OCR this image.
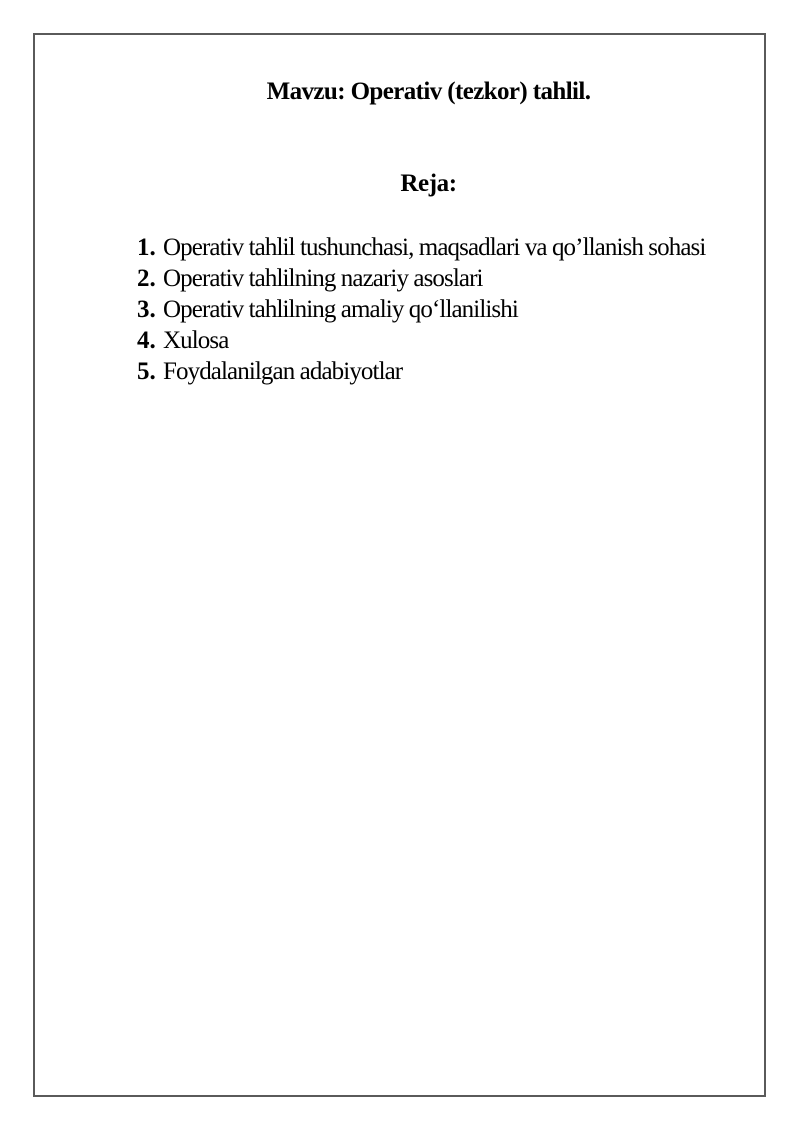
Mavzu: Operativ (tezkor) tahlil.
Reja:
1. Operativ tahlil tushunchasi, maqsadlari va qo’llanish sohasi
2. Operativ tahlilning nazariy asoslari
3. Operativ tahlilning amaliy qo‘llanilishi
4. Xulosa
5. Foydalanilgan adabiyotlar
